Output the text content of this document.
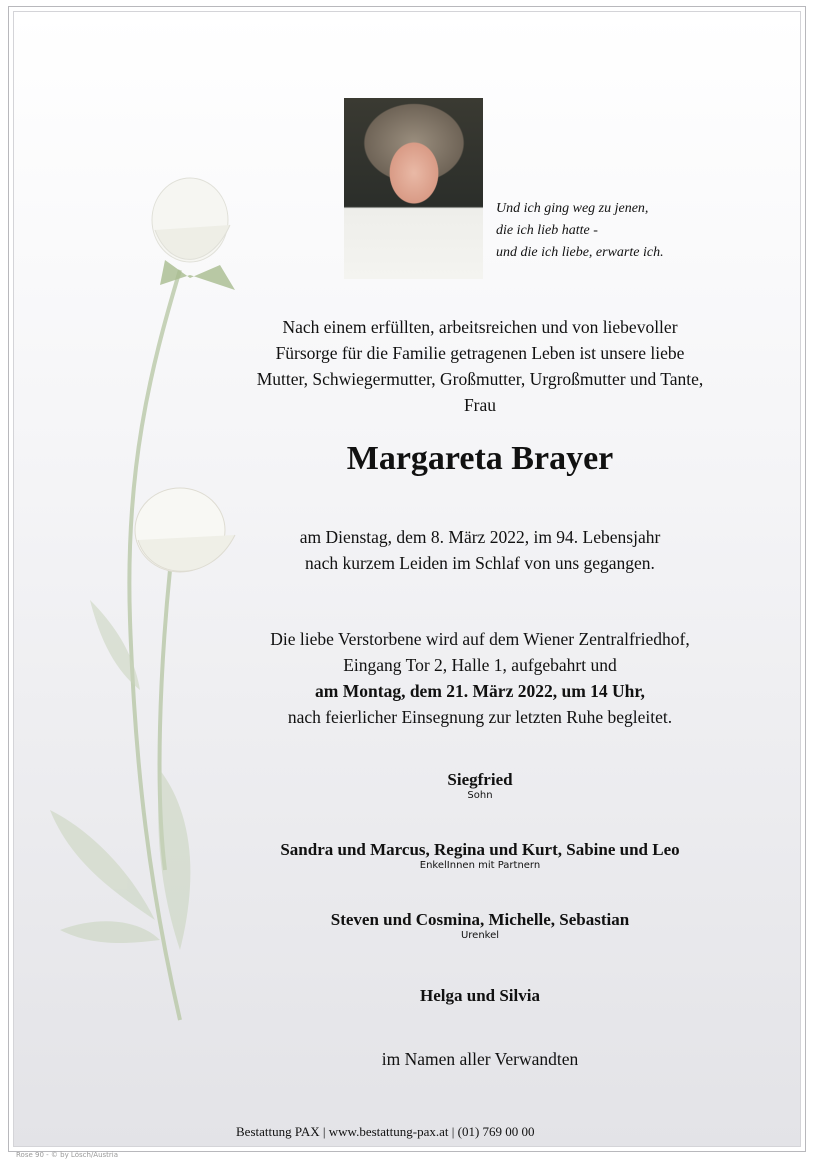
Und ich ging weg zu jenen,
die ich lieb hatte -
und die ich liebe, erwarte ich.
Nach einem erfüllten, arbeitsreichen und von liebevoller
Fürsorge für die Familie getragenen Leben ist unsere liebe
Mutter, Schwiegermutter, Großmutter, Urgroßmutter und Tante,
Frau
Margareta Brayer
am Dienstag, dem 8. März 2022, im 94. Lebensjahr
nach kurzem Leiden im Schlaf von uns gegangen.
Die liebe Verstorbene wird auf dem Wiener Zentralfriedhof,
Eingang Tor 2, Halle 1, aufgebahrt und
am Montag, dem 21. März 2022, um 14 Uhr,
nach feierlicher Einsegnung zur letzten Ruhe begleitet.
Siegfried
Sohn
Sandra und Marcus, Regina und Kurt, Sabine und Leo
EnkelInnen mit Partnern
Steven und Cosmina, Michelle, Sebastian
Urenkel
Helga und Silvia
im Namen aller Verwandten
Bestattung PAX | www.bestattung-pax.at | (01) 769 00 00
Rose 90 - © by Lösch/Austria
